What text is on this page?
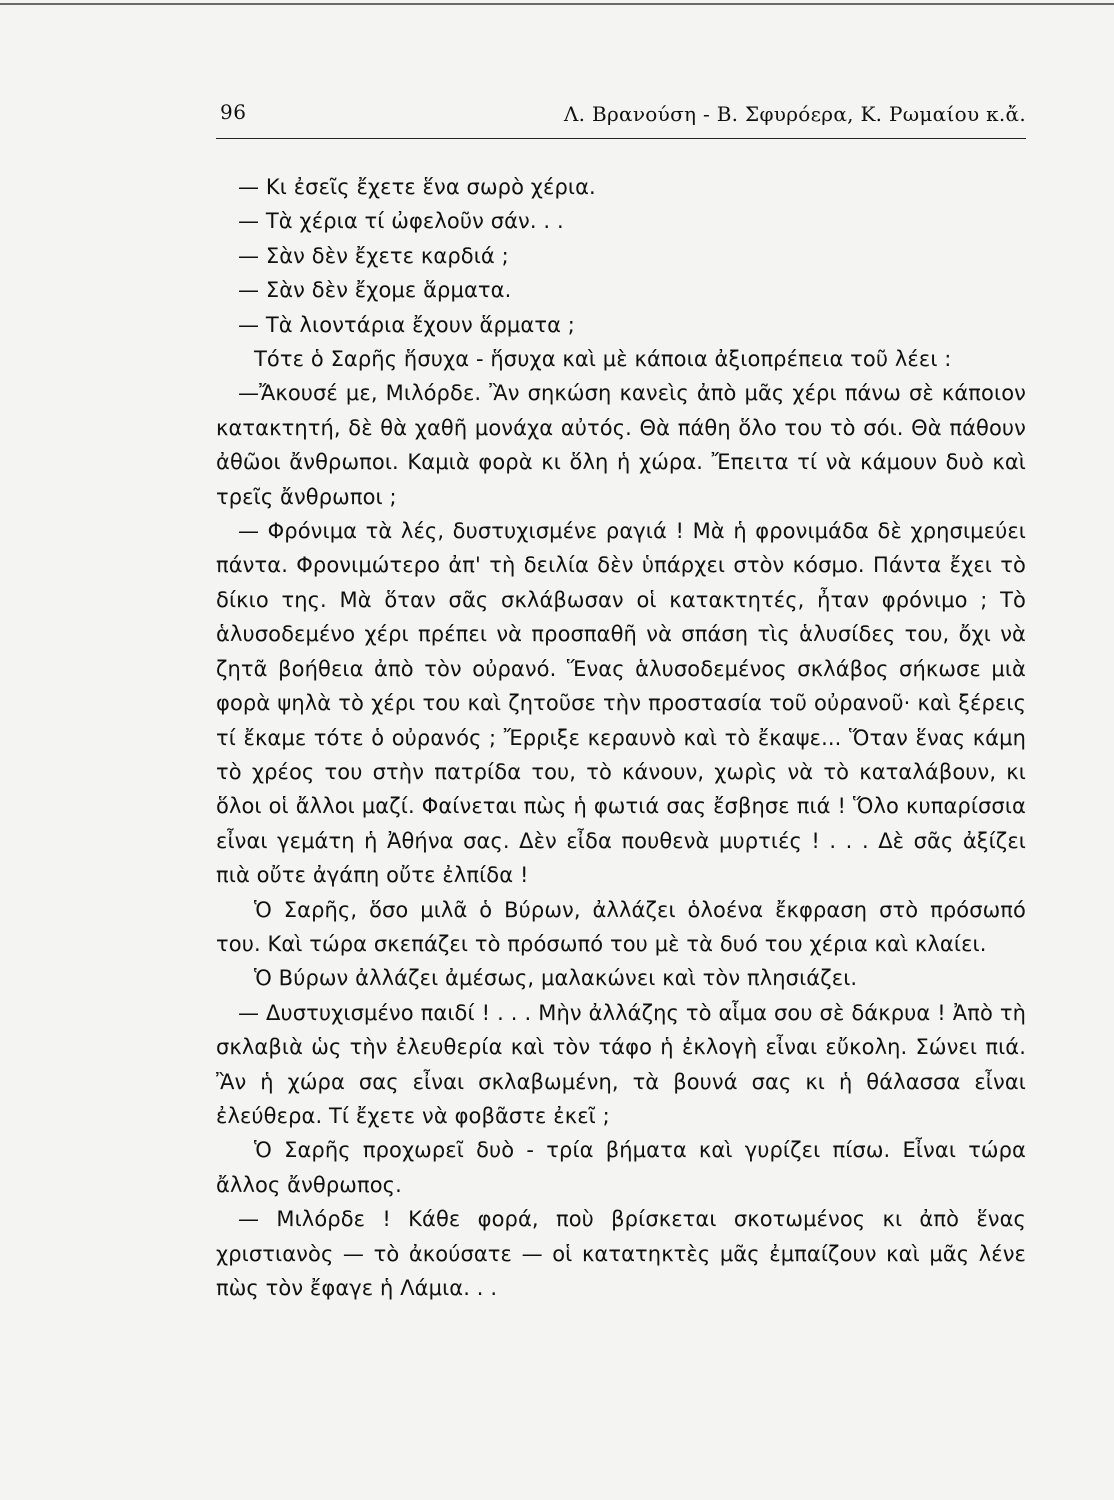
96	Λ. Βρανούση - Β. Σφυρόερα, Κ. Ρωμαίου κ.ἄ.

— Κι ἐσεῖς ἔχετε ἕνα σωρὸ χέρια.

— Τὰ χέρια τί ὠφελοῦν σάν. . .

— Σὰν δὲν ἔχετε καρδιά ;

— Σὰν δὲν ἔχομε ἅρματα.

— Τὰ λιοντάρια ἔχουν ἅρματα ;

Τότε ὁ Σαρῆς ἥσυχα - ἥσυχα καὶ μὲ κάποια ἀξιοπρέπεια τοῦ λέει :

—Ἄκουσέ με, Μιλόρδε. Ἂν σηκώση κανεὶς ἀπὸ μᾶς χέρι πάνω σὲ κάποιον κατακτητή, δὲ θὰ χαθῆ μονάχα αὐτός. Θὰ πάθη ὅλο του τὸ σόι. Θὰ πάθουν ἀθῶοι ἄνθρωποι. Καμιὰ φορὰ κι ὅλη ἡ χώρα. Ἔπειτα τί νὰ κάμουν δυὸ καὶ τρεῖς ἄνθρωποι ;

— Φρόνιμα τὰ λές, δυστυχισμένε ραγιά ! Μὰ ἡ φρονιμάδα δὲ χρησιμεύει πάντα. Φρονιμώτερο ἀπ' τὴ δειλία δὲν ὑπάρχει στὸν κόσμο. Πάντα ἔχει τὸ δίκιο της. Μὰ ὅταν σᾶς σκλάβωσαν οἱ κατακτητές, ἦταν φρόνιμο ; Τὸ ἁλυσοδεμένο χέρι πρέπει νὰ προσπαθῆ νὰ σπάση τὶς ἁλυσίδες του, ὄχι νὰ ζητᾶ βοήθεια ἀπὸ τὸν οὐρανό. Ἕνας ἁλυσοδεμένος σκλάβος σήκωσε μιὰ φορὰ ψηλὰ τὸ χέρι του καὶ ζητοῦσε τὴν προστασία τοῦ οὐρανοῦ· καὶ ξέρεις τί ἔκαμε τότε ὁ οὐρανός ; Ἔρριξε κεραυνὸ καὶ τὸ ἔκαψε... Ὅταν ἕνας κάμη τὸ χρέος του στὴν πατρίδα του, τὸ κάνουν, χωρὶς νὰ τὸ καταλάβουν, κι ὅλοι οἱ ἄλλοι μαζί. Φαίνεται πὼς ἡ φωτιά σας ἔσβησε πιά ! Ὅλο κυπαρίσσια εἶναι γεμάτη ἡ Ἀθήνα σας. Δὲν εἶδα πουθενὰ μυρτιές ! . . . Δὲ σᾶς ἀξίζει πιὰ οὔτε ἀγάπη οὔτε ἐλπίδα !

Ὁ Σαρῆς, ὅσο μιλᾶ ὁ Βύρων, ἀλλάζει ὁλοένα ἔκφραση στὸ πρόσωπό του. Καὶ τώρα σκεπάζει τὸ πρόσωπό του μὲ τὰ δυό του χέρια καὶ κλαίει.

Ὁ Βύρων ἀλλάζει ἀμέσως, μαλακώνει καὶ τὸν πλησιάζει.

— Δυστυχισμένο παιδί ! . . . Μὴν ἀλλάζης τὸ αἷμα σου σὲ δάκρυα ! Ἀπὸ τὴ σκλαβιὰ ὡς τὴν ἐλευθερία καὶ τὸν τάφο ἡ ἐκλογὴ εἶναι εὔκολη. Σώνει πιά. Ἂν ἡ χώρα σας εἶναι σκλαβωμένη, τὰ βουνά σας κι ἡ θάλασσα εἶναι ἐλεύθερα. Τί ἔχετε νὰ φοβᾶστε ἐκεῖ ;

Ὁ Σαρῆς προχωρεῖ δυὸ - τρία βήματα καὶ γυρίζει πίσω. Εἶναι τώρα ἄλλος ἄνθρωπος.

— Μιλόρδε ! Κάθε φορά, ποὺ βρίσκεται σκοτωμένος κι ἀπὸ ἕνας χριστιανὸς — τὸ ἀκούσατε — οἱ κατατηκτὲς μᾶς ἐμπαίζουν καὶ μᾶς λένε πὼς τὸν ἔφαγε ἡ Λάμια. . .
